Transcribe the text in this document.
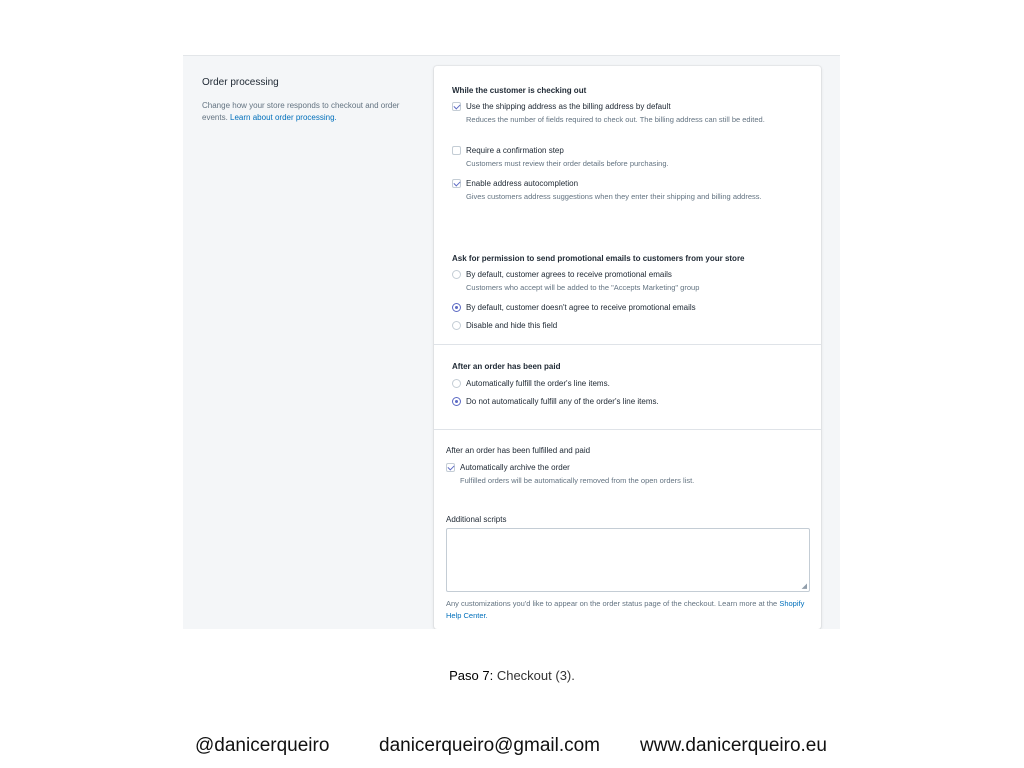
Order processing
Change how your store responds to checkout and order events. Learn about order processing.
While the customer is checking out
Use the shipping address as the billing address by default
Reduces the number of fields required to check out. The billing address can still be edited.
Require a confirmation step
Customers must review their order details before purchasing.
Enable address autocompletion
Gives customers address suggestions when they enter their shipping and billing address.
Ask for permission to send promotional emails to customers from your store
By default, customer agrees to receive promotional emails
Customers who accept will be added to the "Accepts Marketing" group
By default, customer doesn't agree to receive promotional emails
Disable and hide this field
After an order has been paid
Automatically fulfill the order's line items.
Do not automatically fulfill any of the order's line items.
After an order has been fulfilled and paid
Automatically archive the order
Fulfilled orders will be automatically removed from the open orders list.
Additional scripts
◢
Any customizations you'd like to appear on the order status page of the checkout. Learn more at the Shopify Help Center.
Paso 7: Checkout (3).
@danicerqueiro	danicerqueiro@gmail.com www.danicerqueiro.eu
